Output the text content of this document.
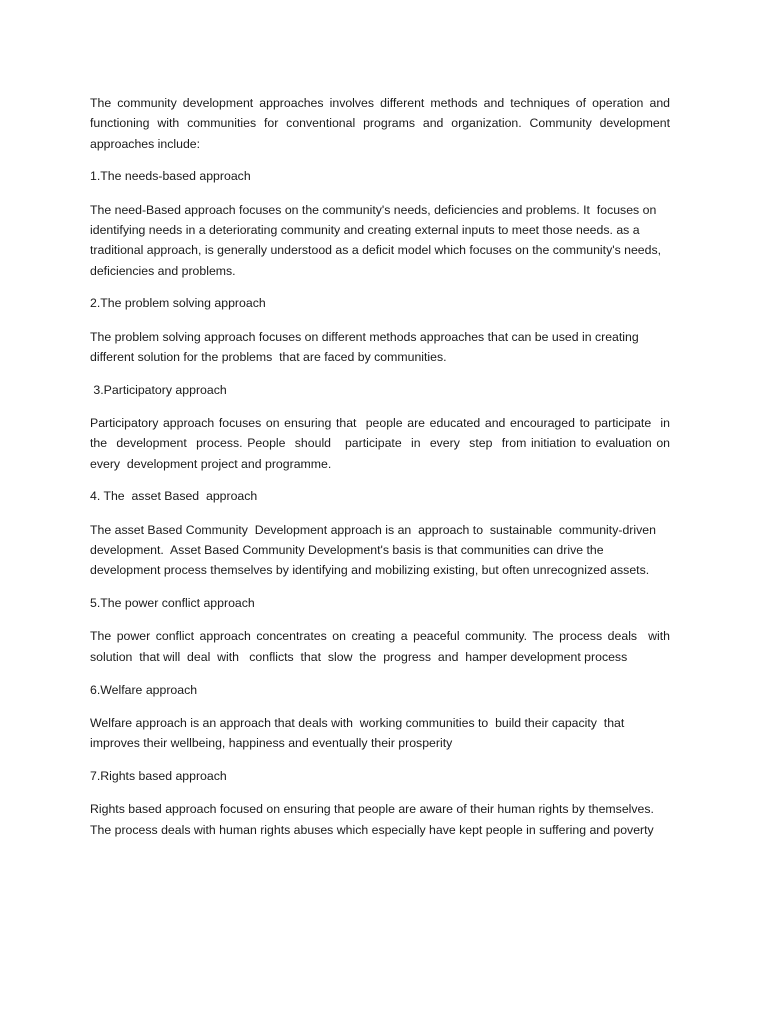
The community development approaches involves different methods and techniques of operation and functioning with communities for conventional programs and organization. Community development approaches include:

1.The needs-based approach

The need-Based approach focuses on the community's needs, deficiencies and problems. It  focuses on identifying needs in a deteriorating community and creating external inputs to meet those needs. as a traditional approach, is generally understood as a deficit model which focuses on the community's needs, deficiencies and problems.

2.The problem solving approach

The problem solving approach focuses on different methods approaches that can be used in creating different solution for the problems  that are faced by communities.

3.Participatory approach

Participatory approach focuses on ensuring that  people are educated and encouraged to participate  in the  development  process. People  should   participate  in  every  step  from initiation to evaluation on every  development project and programme.

4. The  asset Based  approach

The asset Based Community  Development approach is an  approach to  sustainable  community-driven development.  Asset Based Community Development's basis is that communities can drive the development process themselves by identifying and mobilizing existing, but often unrecognized assets.

5.The power conflict approach

The power conflict approach concentrates on creating a peaceful community. The process deals  with solution  that will  deal  with   conflicts  that  slow  the  progress  and  hamper development process

6.Welfare approach

Welfare approach is an approach that deals with  working communities to  build their capacity  that improves their wellbeing, happiness and eventually their prosperity

7.Rights based approach

Rights based approach focused on ensuring that people are aware of their human rights by themselves. The process deals with human rights abuses which especially have kept people in suffering and poverty
